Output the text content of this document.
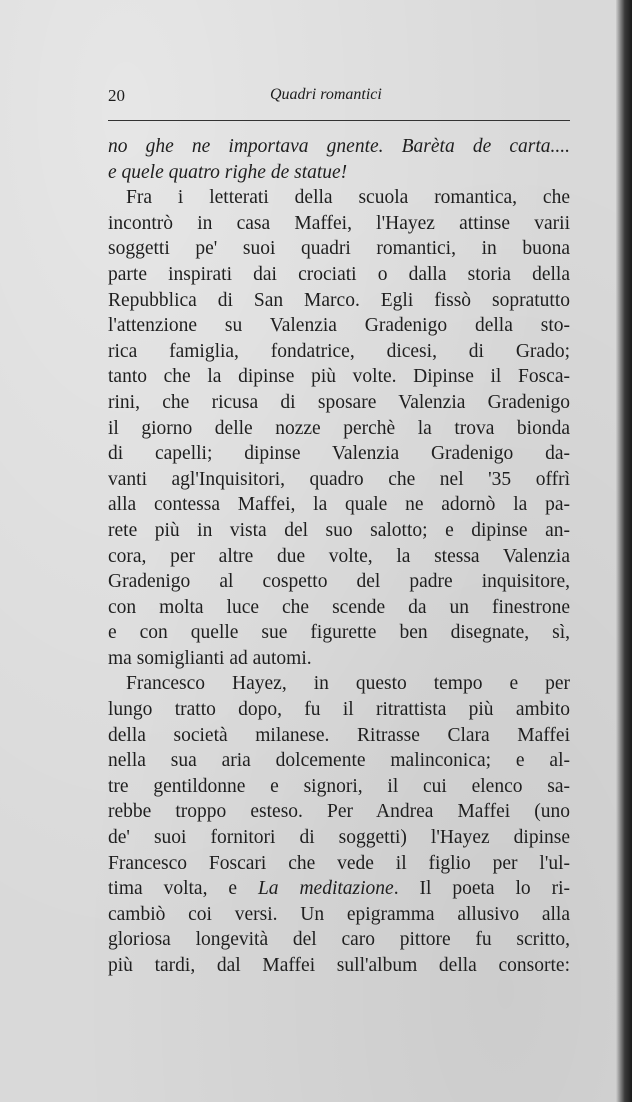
20	Quadri romantici
no ghe ne importava gnente. Barèta de carta....
e quele quatro righe de statue!
Fra i letterati della scuola romantica, che
incontrò in casa Maffei, l'Hayez attinse varii
soggetti pe' suoi quadri romantici, in buona
parte inspirati dai crociati o dalla storia della
Repubblica di San Marco. Egli fissò sopratutto
l'attenzione su Valenzia Gradenigo della sto-
rica famiglia, fondatrice, dicesi, di Grado;
tanto che la dipinse più volte. Dipinse il Fosca-
rini, che ricusa di sposare Valenzia Gradenigo
il giorno delle nozze perchè la trova bionda
di capelli; dipinse Valenzia Gradenigo da-
vanti agl'Inquisitori, quadro che nel '35 offrì
alla contessa Maffei, la quale ne adornò la pa-
rete più in vista del suo salotto; e dipinse an-
cora, per altre due volte, la stessa Valenzia
Gradenigo al cospetto del padre inquisitore,
con molta luce che scende da un finestrone
e con quelle sue figurette ben disegnate, sì,
ma somiglianti ad automi.
Francesco Hayez, in questo tempo e per
lungo tratto dopo, fu il ritrattista più ambito
della società milanese. Ritrasse Clara Maffei
nella sua aria dolcemente malinconica; e al-
tre gentildonne e signori, il cui elenco sa-
rebbe troppo esteso. Per Andrea Maffei (uno
de' suoi fornitori di soggetti) l'Hayez dipinse
Francesco Foscari che vede il figlio per l'ul-
tima volta, e La meditazione. Il poeta lo ri-
cambiò coi versi. Un epigramma allusivo alla
gloriosa longevità del caro pittore fu scritto,
più tardi, dal Maffei sull'album della consorte:
